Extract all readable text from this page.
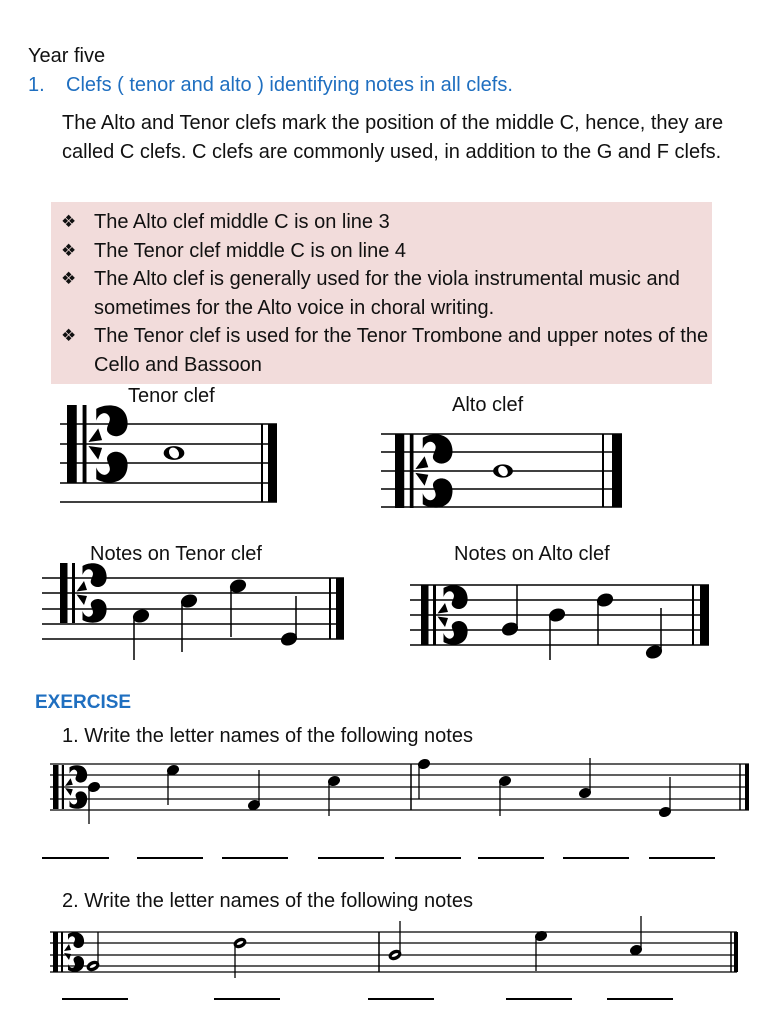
Year five
1. Clefs ( tenor and alto ) identifying notes in all clefs.
The Alto and Tenor clefs mark the position of the middle C, hence, they are called C clefs. C clefs are commonly used, in addition to the G and F clefs.
❖ The Alto clef middle C is on line 3
❖ The Tenor clef middle C is on line 4
❖ The Alto clef is generally used for the viola instrumental music and sometimes for the Alto voice in choral writing.
❖ The Tenor clef is used for the Tenor Trombone and upper notes of the Cello and Bassoon
Tenor clef	Alto clef
Notes on Tenor clef	Notes on Alto clef
EXERCISE
1. Write the letter names of the following notes
2. Write the letter names of the following notes
